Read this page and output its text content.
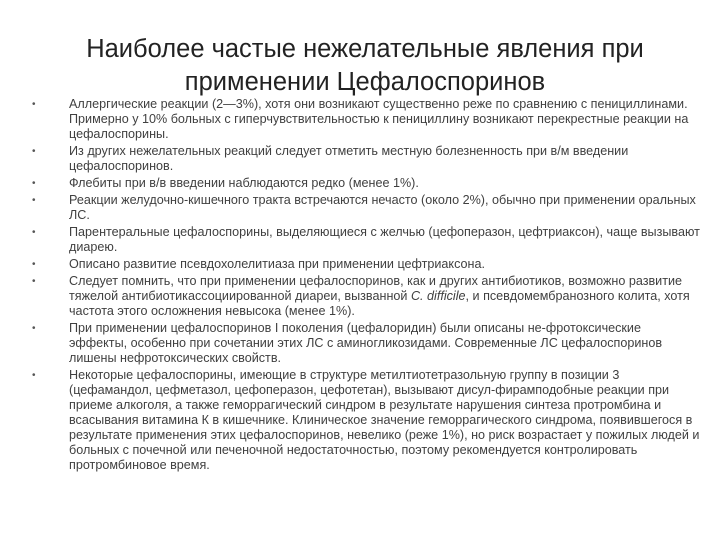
Наиболее частые нежелательные явления при
применении Цефалоспоринов
•	Аллергические реакции (2—3%), хотя они возникают существенно реже по сравнению с пенициллинами. Примерно у 10% больных с гиперчувствительностью к пенициллину возникают перекрестные реакции на цефалоспорины.
•	Из других нежелательных реакций следует отметить местную болезненность при в/м введении цефалоспоринов.
•	Флебиты при в/в введении наблюдаются редко (менее 1%).
•	Реакции желудочно-кишечного тракта встречаются нечасто (около 2%), обычно при применении оральных ЛС.
•	Парентеральные цефалоспорины, выделяющиеся с желчью (цефоперазон, цефтриаксон), чаще вызывают диарею.
•	Описано развитие псевдохолелитиаза при применении цефтриаксона.
•	Следует помнить, что при применении цефалоспоринов, как и других антибиотиков, возможно развитие тяжелой антибиотикассоциированной диареи, вызванной C. difficile, и псевдомембранозного колита, хотя частота этого осложнения невысока (менее 1%).
•	При применении цефалоспоринов I поколения (цефалоридин) были описаны не-фротоксические эффекты, особенно при сочетании этих ЛС с аминогликозидами. Современные ЛС цефалоспоринов лишены нефротоксических свойств.
•	Некоторые цефалоспорины, имеющие в структуре метилтиотетразольную группу в позиции 3 (цефамандол, цефметазол, цефоперазон, цефотетан), вызывают дисул-фирамподобные реакции при приеме алкоголя, а также геморрагический синдром в результате нарушения синтеза протромбина и всасывания витамина К в кишечнике. Клиническое значение геморрагического синдрома, появившегося в результате применения этих цефалоспоринов, невелико (реже 1%), но риск возрастает у пожилых людей и больных с почечной или печеночной недостаточностью, поэтому рекомендуется контролировать протромбиновое время.
